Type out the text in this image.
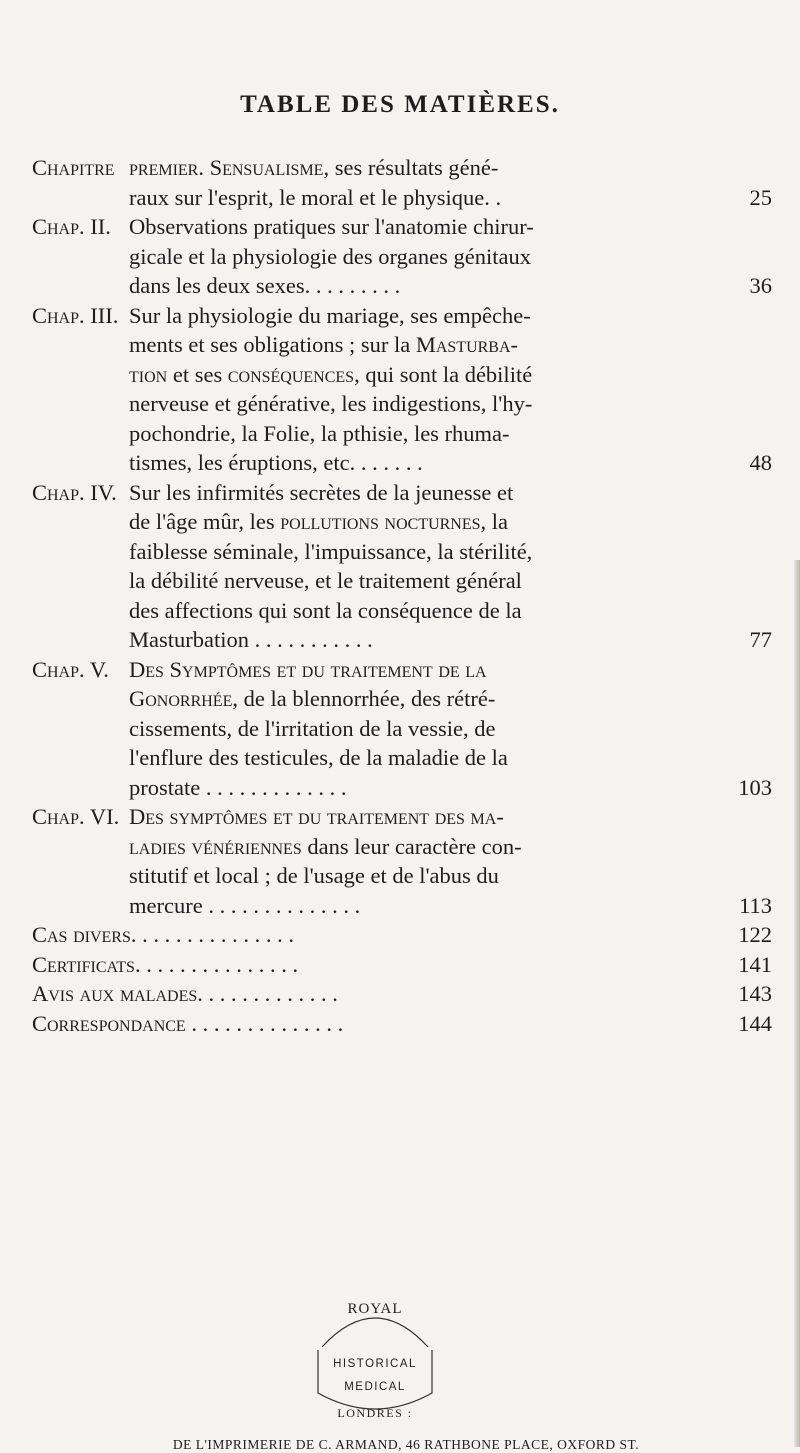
TABLE DES MATIÈRES.
Chapitre premier. Sensualisme, ses résultats géné-
raux sur l'esprit, le moral et le physique. .	25
Chap. II. Observations pratiques sur l'anatomie chirur-
gicale et la physiologie des organes génitaux
dans les deux sexes. . . . . . . . .	36
Chap. III. Sur la physiologie du mariage, ses empêche-
ments et ses obligations ; sur la Masturba-
tion et ses conséquences, qui sont la débilité
nerveuse et générative, les indigestions, l'hy-
pochondrie, la Folie, la pthisie, les rhuma-
tismes, les éruptions, etc. . . . . . .	48
Chap. IV. Sur les infirmités secrètes de la jeunesse et
de l'âge mûr, les pollutions nocturnes, la
faiblesse séminale, l'impuissance, la stérilité,
la débilité nerveuse, et le traitement général
des affections qui sont la conséquence de la
Masturbation . . . . . . . . . . .	77
Chap. V. Des Symptômes et du traitement de la
Gonorrhée, de la blennorrhée, des rétré-
cissements, de l'irritation de la vessie, de
l'enflure des testicules, de la maladie de la
prostate . . . . . . . . . . . . .	103
Chap. VI. Des symptômes et du traitement des ma-
ladies vénériennes dans leur caractère con-
stitutif et local ; de l'usage et de l'abus du
mercure . . . . . . . . . . . . . .	113
Cas divers. . . . . . . . . . . . . . .	122
Certificats. . . . . . . . . . . . . . .	141
Avis aux malades. . . . . . . . . . . . .	143
Correspondance . . . . . . . . . . . . . .	144
ROYAL
HISTORICAL
MEDICAL
LONDRES :
DE L'IMPRIMERIE DE C. ARMAND, 46 RATHBONE PLACE, OXFORD ST.
